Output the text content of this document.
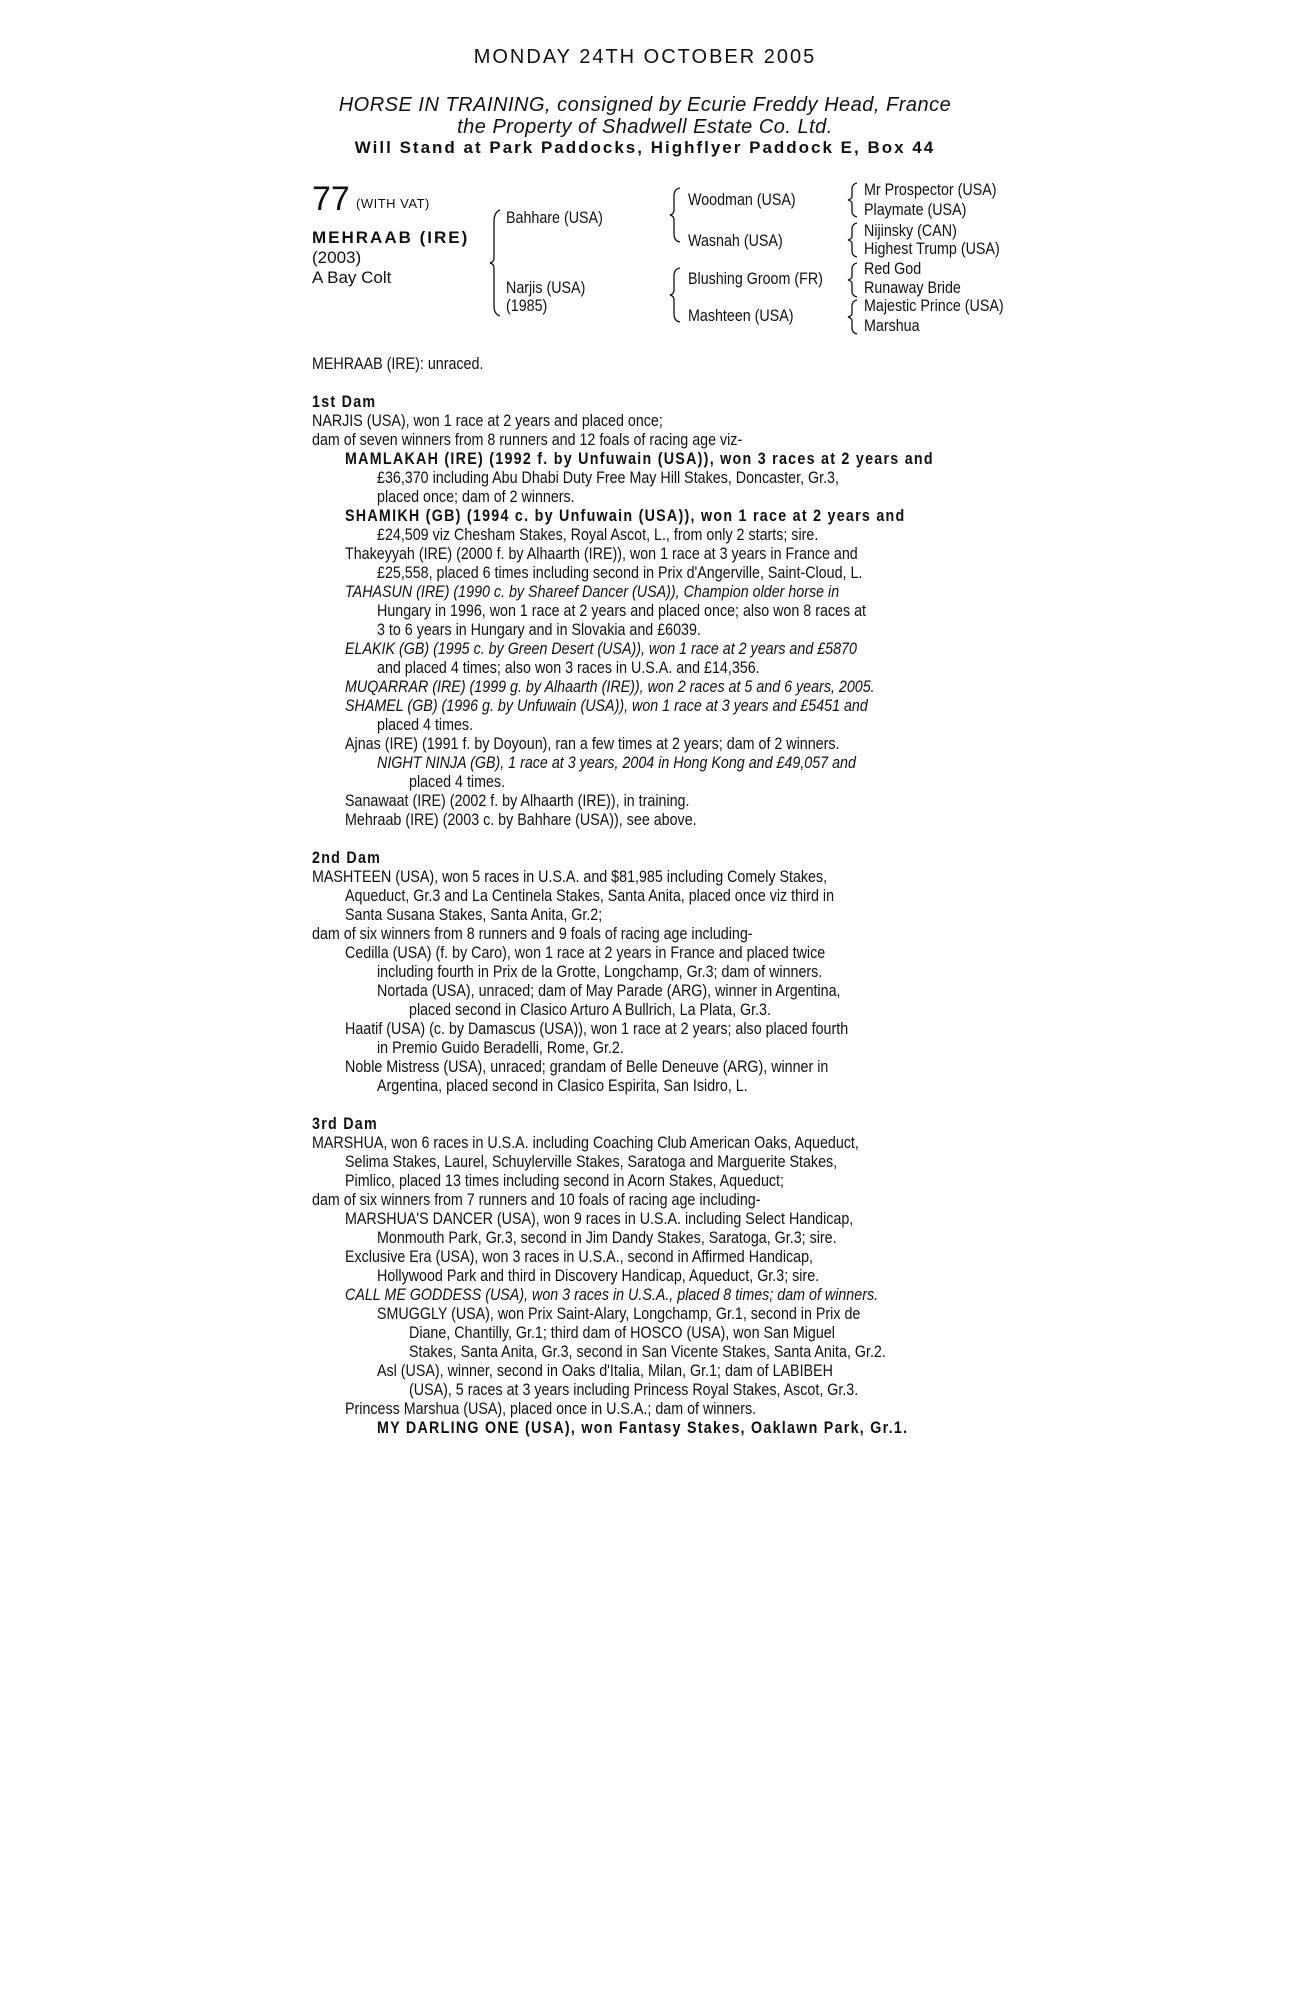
MONDAY 24TH OCTOBER 2005
HORSE IN TRAINING, consigned by Ecurie Freddy Head, France
the Property of Shadwell Estate Co. Ltd.
Will Stand at Park Paddocks, Highflyer Paddock E, Box 44
77 (WITH VAT)
MEHRAAB (IRE)
(2003)
A Bay Colt
Bahhare (USA)
Narjis (USA)
(1985)
Woodman (USA)
Wasnah (USA)
Blushing Groom (FR)
Mashteen (USA)
Mr Prospector (USA)
Playmate (USA)
Nijinsky (CAN)
Highest Trump (USA)
Red God
Runaway Bride
Majestic Prince (USA)
Marshua
MEHRAAB (IRE): unraced.
1st Dam
NARJIS (USA), won 1 race at 2 years and placed once;
dam of seven winners from 8 runners and 12 foals of racing age viz-
MAMLAKAH (IRE) (1992 f. by Unfuwain (USA)), won 3 races at 2 years and
£36,370 including Abu Dhabi Duty Free May Hill Stakes, Doncaster, Gr.3,
placed once; dam of 2 winners.
SHAMIKH (GB) (1994 c. by Unfuwain (USA)), won 1 race at 2 years and
£24,509 viz Chesham Stakes, Royal Ascot, L., from only 2 starts; sire.
Thakeyyah (IRE) (2000 f. by Alhaarth (IRE)), won 1 race at 3 years in France and
£25,558, placed 6 times including second in Prix d'Angerville, Saint-Cloud, L.
TAHASUN (IRE) (1990 c. by Shareef Dancer (USA)), Champion older horse in
Hungary in 1996, won 1 race at 2 years and placed once; also won 8 races at
3 to 6 years in Hungary and in Slovakia and £6039.
ELAKIK (GB) (1995 c. by Green Desert (USA)), won 1 race at 2 years and £5870
and placed 4 times; also won 3 races in U.S.A. and £14,356.
MUQARRAR (IRE) (1999 g. by Alhaarth (IRE)), won 2 races at 5 and 6 years, 2005.
SHAMEL (GB) (1996 g. by Unfuwain (USA)), won 1 race at 3 years and £5451 and
placed 4 times.
Ajnas (IRE) (1991 f. by Doyoun), ran a few times at 2 years; dam of 2 winners.
NIGHT NINJA (GB), 1 race at 3 years, 2004 in Hong Kong and £49,057 and
placed 4 times.
Sanawaat (IRE) (2002 f. by Alhaarth (IRE)), in training.
Mehraab (IRE) (2003 c. by Bahhare (USA)), see above.
2nd Dam
MASHTEEN (USA), won 5 races in U.S.A. and $81,985 including Comely Stakes,
Aqueduct, Gr.3 and La Centinela Stakes, Santa Anita, placed once viz third in
Santa Susana Stakes, Santa Anita, Gr.2;
dam of six winners from 8 runners and 9 foals of racing age including-
Cedilla (USA) (f. by Caro), won 1 race at 2 years in France and placed twice
including fourth in Prix de la Grotte, Longchamp, Gr.3; dam of winners.
Nortada (USA), unraced; dam of May Parade (ARG), winner in Argentina,
placed second in Clasico Arturo A Bullrich, La Plata, Gr.3.
Haatif (USA) (c. by Damascus (USA)), won 1 race at 2 years; also placed fourth
in Premio Guido Beradelli, Rome, Gr.2.
Noble Mistress (USA), unraced; grandam of Belle Deneuve (ARG), winner in
Argentina, placed second in Clasico Espirita, San Isidro, L.
3rd Dam
MARSHUA, won 6 races in U.S.A. including Coaching Club American Oaks, Aqueduct,
Selima Stakes, Laurel, Schuylerville Stakes, Saratoga and Marguerite Stakes,
Pimlico, placed 13 times including second in Acorn Stakes, Aqueduct;
dam of six winners from 7 runners and 10 foals of racing age including-
MARSHUA'S DANCER (USA), won 9 races in U.S.A. including Select Handicap,
Monmouth Park, Gr.3, second in Jim Dandy Stakes, Saratoga, Gr.3; sire.
Exclusive Era (USA), won 3 races in U.S.A., second in Affirmed Handicap,
Hollywood Park and third in Discovery Handicap, Aqueduct, Gr.3; sire.
CALL ME GODDESS (USA), won 3 races in U.S.A., placed 8 times; dam of winners.
SMUGGLY (USA), won Prix Saint-Alary, Longchamp, Gr.1, second in Prix de
Diane, Chantilly, Gr.1; third dam of HOSCO (USA), won San Miguel
Stakes, Santa Anita, Gr.3, second in San Vicente Stakes, Santa Anita, Gr.2.
Asl (USA), winner, second in Oaks d'Italia, Milan, Gr.1; dam of LABIBEH
(USA), 5 races at 3 years including Princess Royal Stakes, Ascot, Gr.3.
Princess Marshua (USA), placed once in U.S.A.; dam of winners.
MY DARLING ONE (USA), won Fantasy Stakes, Oaklawn Park, Gr.1.
